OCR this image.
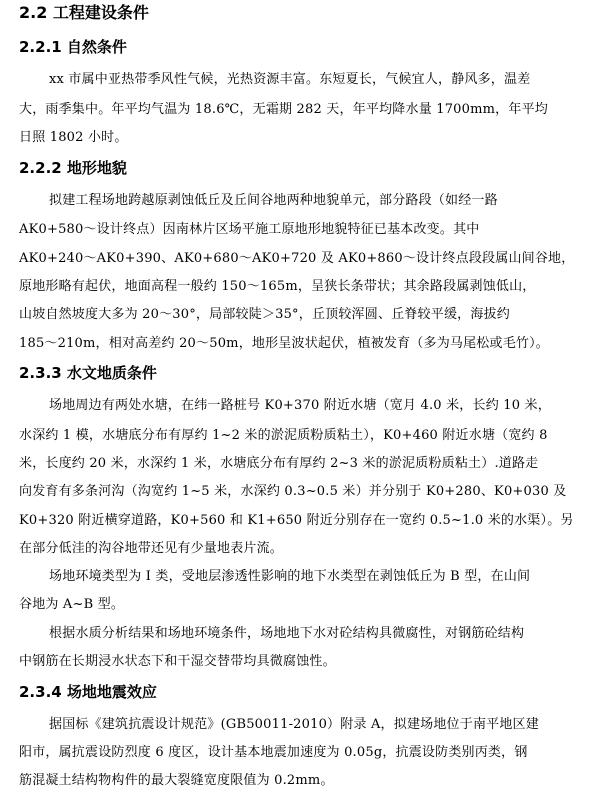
2.2 工程建设条件
2.2.1 自然条件
xx 市属中亚热带季风性气候，光热资源丰富。东短夏长，气候宜人，静风多，温差
大，雨季集中。年平均气温为 18.6℃，无霜期 282 天，年平均降水量 1700mm，年平均
日照 1802 小时。
2.2.2 地形地貌
拟建工程场地跨越原剥蚀低丘及丘间谷地两种地貌单元，部分路段（如经一路
AK0+580～设计终点）因南林片区场平施工原地形地貌特征已基本改变。其中
AK0+240～AK0+390、AK0+680～AK0+720 及 AK0+860～设计终点段段属山间谷地，
原地形略有起伏，地面高程一般约 150～165m，呈狭长条带状；其余路段属剥蚀低山，
山坡自然坡度大多为 20～30°，局部较陡＞35°，丘顶较浑圆、丘脊较平缓，海拔约
185～210m，相对高差约 20～50m，地形呈波状起伏，植被发育（多为马尾松或毛竹）。
2.3.3 水文地质条件
场地周边有两处水塘，在纬一路桩号 K0+370 附近水塘（宽月 4.0 米，长约 10 米，
水深约 1 模，水塘底分布有厚约 1~2 米的淤泥质粉质粘土），K0+460 附近水塘（宽约 8
米，长度约 20 米，水深约 1 米，水塘底分布有厚约 2~3 米的淤泥质粉质粘土）.道路走
向发育有多条河沟（沟宽约 1~5 米，水深约 0.3~0.5 米）并分别于 K0+280、K0+030 及
K0+320 附近横穿道路，K0+560 和 K1+650 附近分别存在一宽约 0.5~1.0 米的水渠）。另
在部分低洼的沟谷地带还见有少量地表片流。
场地环境类型为 I 类，受地层渗透性影响的地下水类型在剥蚀低丘为 B 型，在山间
谷地为 A~B 型。
根据水质分析结果和场地环境条件，场地地下水对砼结构具微腐性，对钢筋砼结构
中钢筋在长期浸水状态下和干湿交替带均具微腐蚀性。
2.3.4 场地地震效应
据国标《建筑抗震设计规范》(GB50011-2010）附录 A，拟建场地位于南平地区建
阳市，属抗震设防烈度 6 度区，设计基本地震加速度为 0.05g，抗震设防类别丙类，钢
筋混凝土结构物构件的最大裂缝宽度限值为 0.2mm。
